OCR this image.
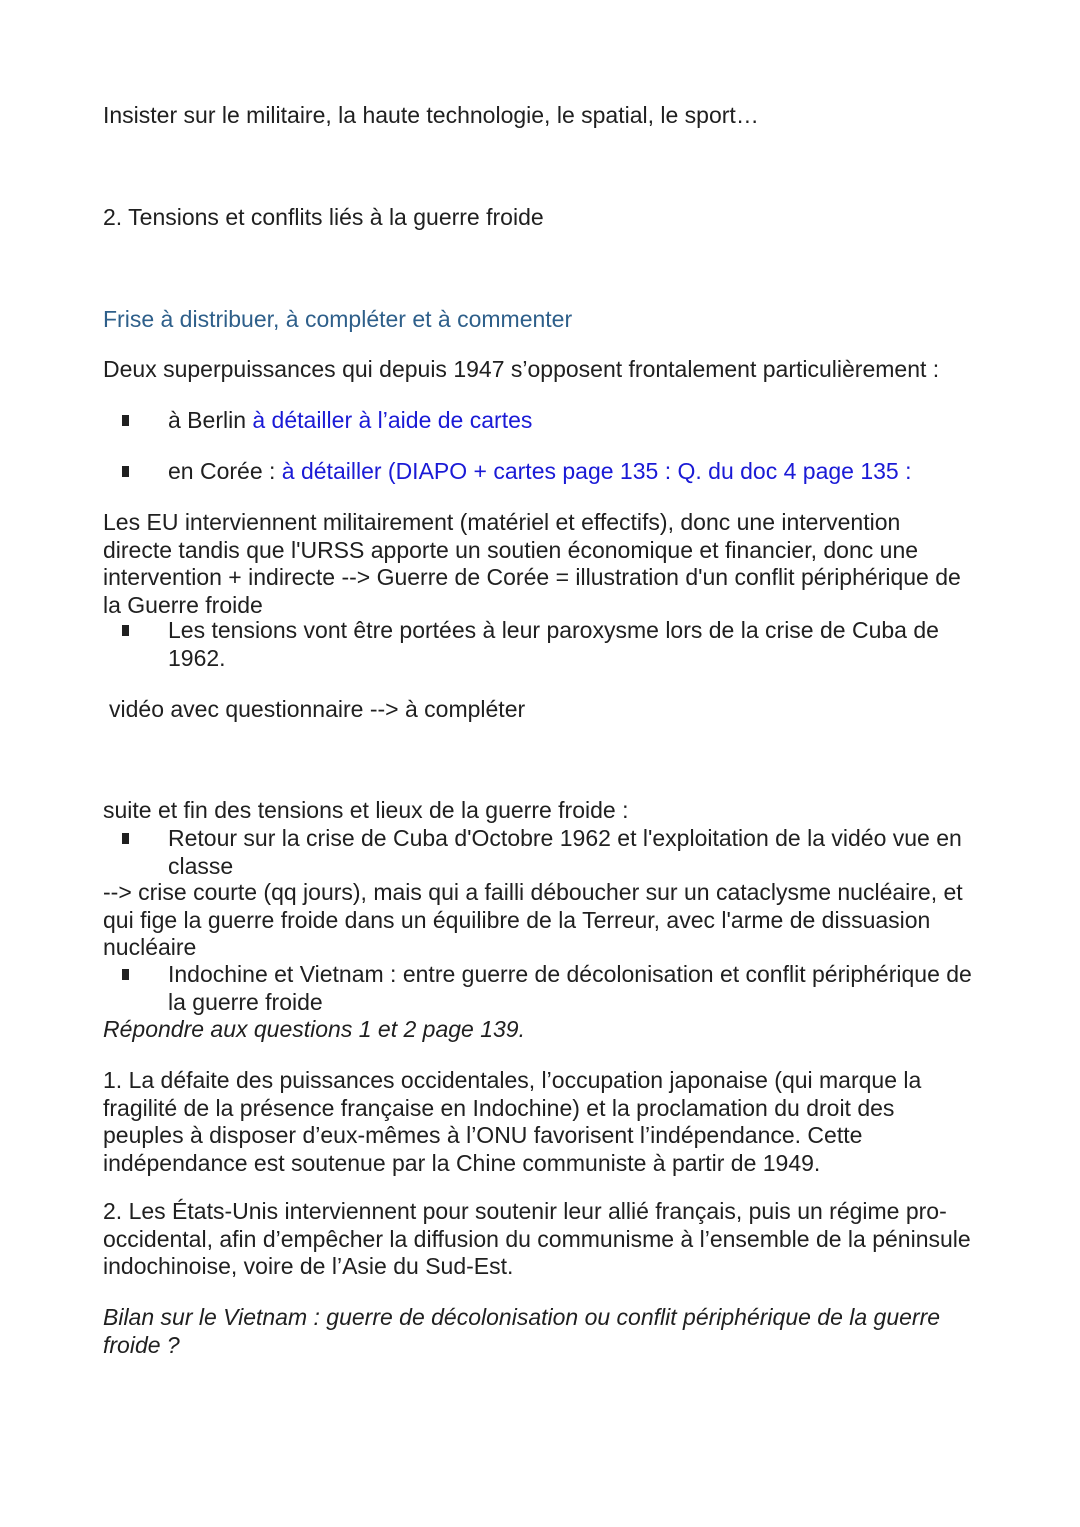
Insister sur le militaire, la haute technologie, le spatial, le sport…

2. Tensions et conflits liés à la guerre froide

Frise à distribuer, à compléter et à commenter

Deux superpuissances qui depuis 1947 s’opposent frontalement particulièrement :

à Berlin à détailler à l’aide de cartes

en Corée : à détailler (DIAPO + cartes page 135 : Q. du doc 4 page 135 :

Les EU interviennent militairement (matériel et effectifs), donc une intervention directe tandis que l'URSS apporte un soutien économique et financier, donc une intervention + indirecte --> Guerre de Corée = illustration d'un conflit périphérique de la Guerre froide

Les tensions vont être portées à leur paroxysme lors de la crise de Cuba de 1962.

vidéo avec questionnaire --> à compléter

suite et fin des tensions et lieux de la guerre froide :

Retour sur la crise de Cuba d'Octobre 1962 et l'exploitation de la vidéo vue en classe

--> crise courte (qq jours), mais qui a failli déboucher sur un cataclysme nucléaire, et qui fige la guerre froide dans un équilibre de la Terreur, avec l'arme de dissuasion nucléaire

Indochine et Vietnam : entre guerre de décolonisation et conflit périphérique de la guerre froide

Répondre aux questions 1 et 2 page 139.

1. La défaite des puissances occidentales, l’occupation japonaise (qui marque la fragilité de la présence française en Indochine) et la proclamation du droit des peuples à disposer d’eux-mêmes à l’ONU favorisent l’indépendance. Cette indépendance est soutenue par la Chine communiste à partir de 1949.

2. Les États-Unis interviennent pour soutenir leur allié français, puis un régime pro-occidental, afin d’empêcher la diffusion du communisme à l’ensemble de la péninsule indochinoise, voire de l’Asie du Sud-Est.

Bilan sur le Vietnam : guerre de décolonisation ou conflit périphérique de la guerre froide ?
